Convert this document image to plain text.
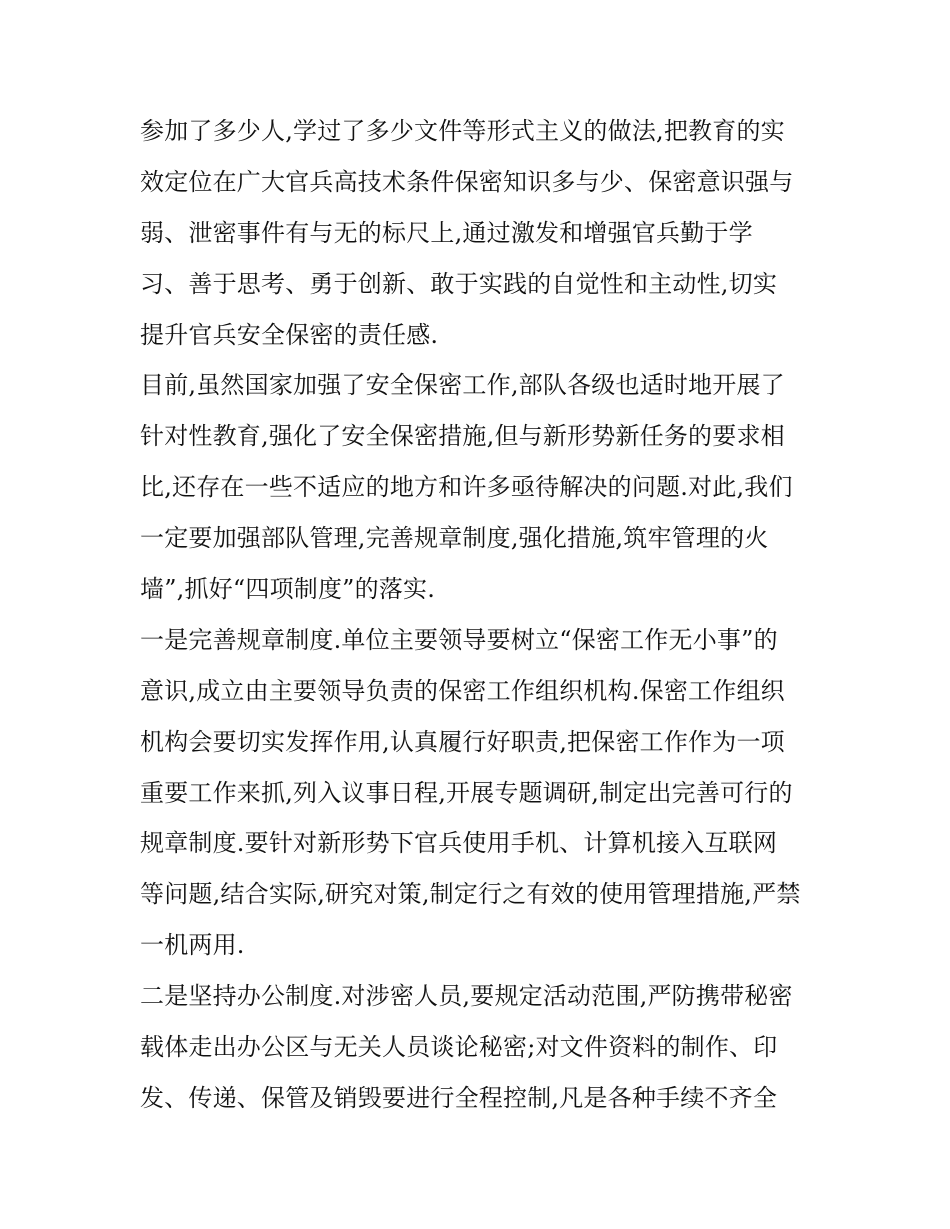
参加了多少人,学过了多少文件等形式主义的做法,把教育的实
效定位在广大官兵高技术条件保密知识多与少、保密意识强与
弱、泄密事件有与无的标尺上,通过激发和增强官兵勤于学
习、善于思考、勇于创新、敢于实践的自觉性和主动性,切实
提升官兵安全保密的责任感.
目前,虽然国家加强了安全保密工作,部队各级也适时地开展了
针对性教育,强化了安全保密措施,但与新形势新任务的要求相
比,还存在一些不适应的地方和许多亟待解决的问题.对此,我们
一定要加强部队管理,完善规章制度,强化措施,筑牢管理的火
墙”,抓好“四项制度”的落实.
一是完善规章制度.单位主要领导要树立“保密工作无小事”的
意识,成立由主要领导负责的保密工作组织机构.保密工作组织
机构会要切实发挥作用,认真履行好职责,把保密工作作为一项
重要工作来抓,列入议事日程,开展专题调研,制定出完善可行的
规章制度.要针对新形势下官兵使用手机、计算机接入互联网
等问题,结合实际,研究对策,制定行之有效的使用管理措施,严禁
一机两用.
二是坚持办公制度.对涉密人员,要规定活动范围,严防携带秘密
载体走出办公区与无关人员谈论秘密;对文件资料的制作、印
发、传递、保管及销毁要进行全程控制,凡是各种手续不齐全
